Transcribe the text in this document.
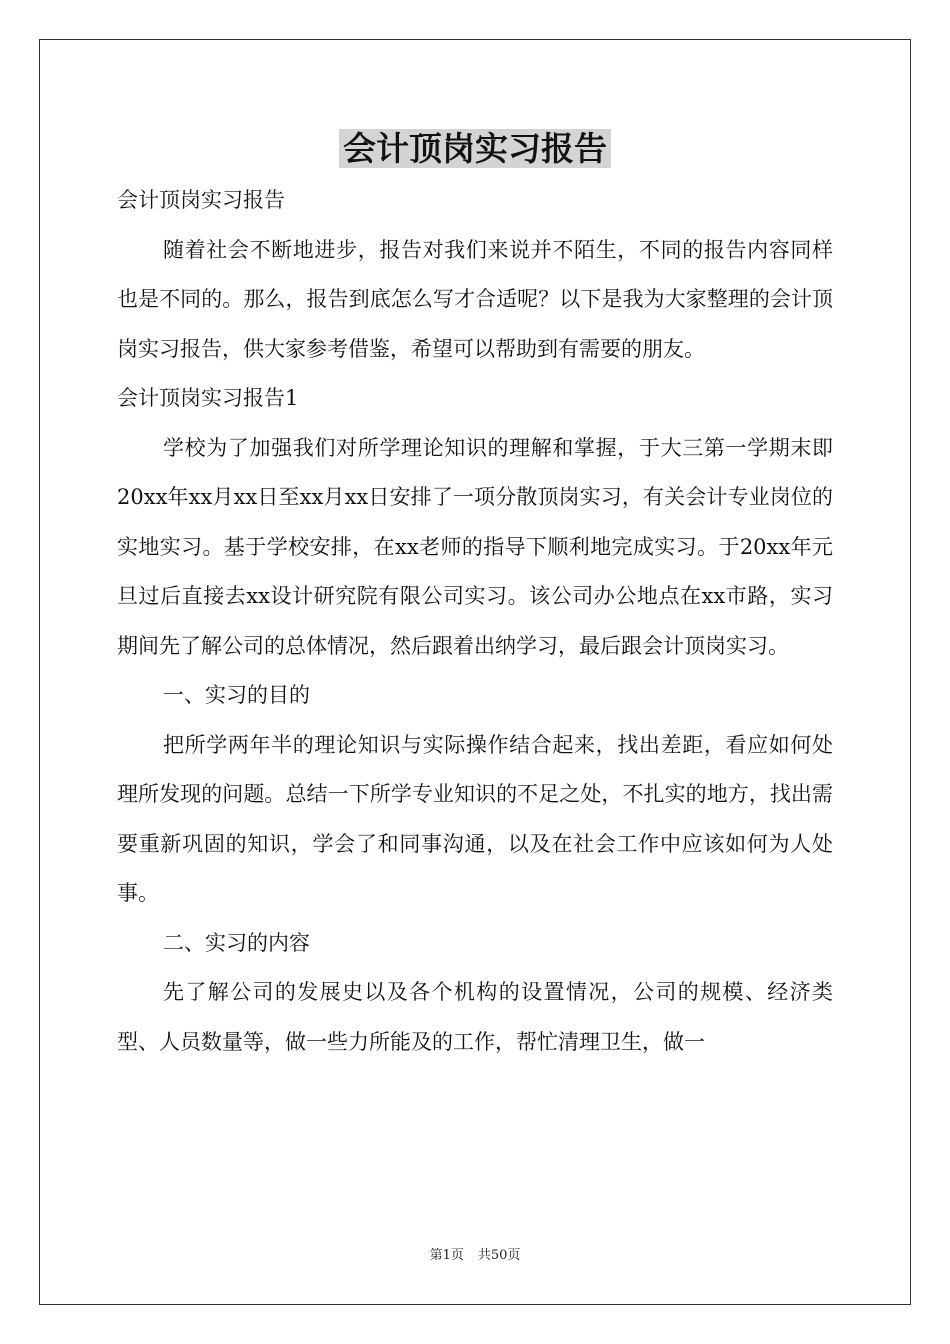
会计顶岗实习报告

会计顶岗实习报告

随着社会不断地进步，报告对我们来说并不陌生，不同的报告内容同样也是不同的。那么，报告到底怎么写才合适呢？以下是我为大家整理的会计顶岗实习报告，供大家参考借鉴，希望可以帮助到有需要的朋友。

会计顶岗实习报告1

学校为了加强我们对所学理论知识的理解和掌握，于大三第一学期末即20xx年xx月xx日至xx月xx日安排了一项分散顶岗实习，有关会计专业岗位的实地实习。基于学校安排，在xx老师的指导下顺利地完成实习。于20xx年元旦过后直接去xx设计研究院有限公司实习。该公司办公地点在xx市路，实习期间先了解公司的总体情况，然后跟着出纳学习，最后跟会计顶岗实习。

一、实习的目的

把所学两年半的理论知识与实际操作结合起来，找出差距，看应如何处理所发现的问题。总结一下所学专业知识的不足之处，不扎实的地方，找出需要重新巩固的知识，学会了和同事沟通，以及在社会工作中应该如何为人处事。

二、实习的内容

先了解公司的发展史以及各个机构的设置情况，公司的规模、经济类型、人员数量等，做一些力所能及的工作，帮忙清理卫生，做一

第1页 共50页
